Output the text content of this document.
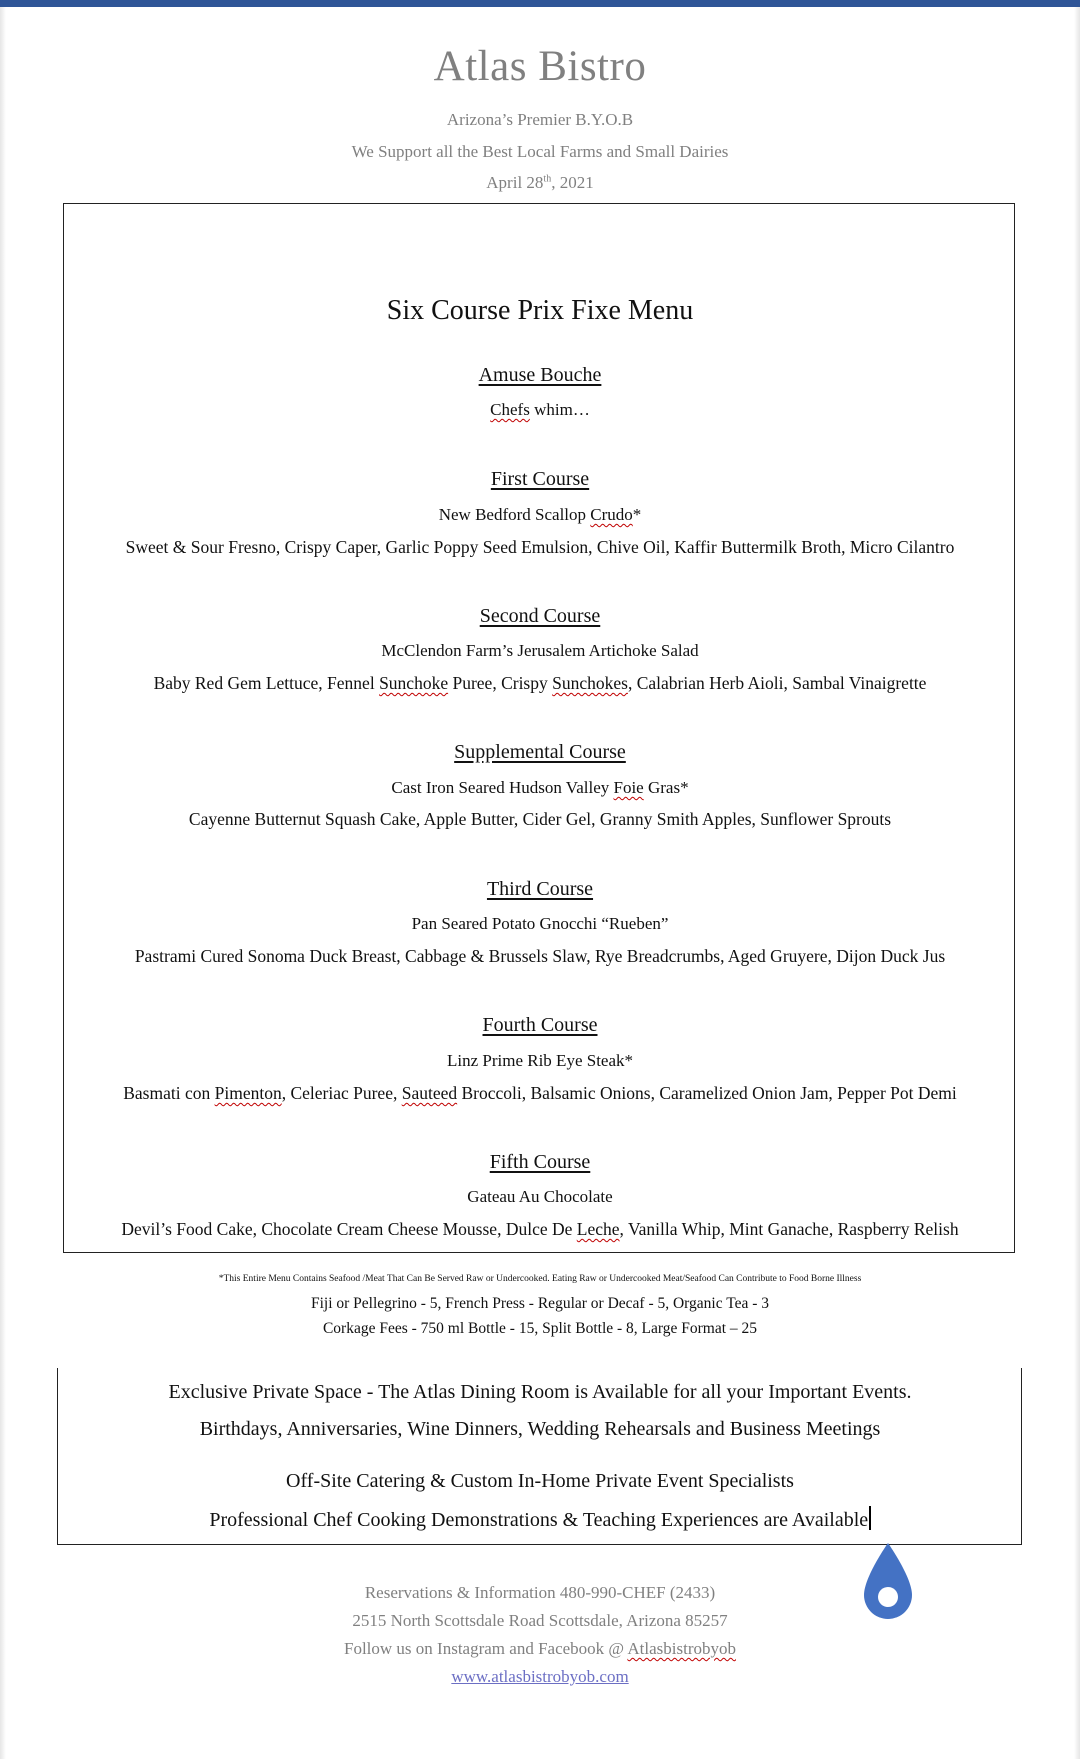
Atlas Bistro
Arizona’s Premier B.Y.O.B
We Support all the Best Local Farms and Small Dairies
April 28th, 2021
Six Course Prix Fixe Menu
Amuse Bouche
Chefs whim…
First Course
New Bedford Scallop Crudo*
Sweet & Sour Fresno, Crispy Caper, Garlic Poppy Seed Emulsion, Chive Oil, Kaffir Buttermilk Broth, Micro Cilantro
Second Course
McClendon Farm’s Jerusalem Artichoke Salad
Baby Red Gem Lettuce, Fennel Sunchoke Puree, Crispy Sunchokes, Calabrian Herb Aioli, Sambal Vinaigrette
Supplemental Course
Cast Iron Seared Hudson Valley Foie Gras*
Cayenne Butternut Squash Cake, Apple Butter, Cider Gel, Granny Smith Apples, Sunflower Sprouts
Third Course
Pan Seared Potato Gnocchi “Rueben”
Pastrami Cured Sonoma Duck Breast, Cabbage & Brussels Slaw, Rye Breadcrumbs, Aged Gruyere, Dijon Duck Jus
Fourth Course
Linz Prime Rib Eye Steak*
Basmati con Pimenton, Celeriac Puree, Sauteed Broccoli, Balsamic Onions, Caramelized Onion Jam, Pepper Pot Demi
Fifth Course
Gateau Au Chocolate
Devil’s Food Cake, Chocolate Cream Cheese Mousse, Dulce De Leche, Vanilla Whip, Mint Ganache, Raspberry Relish
*This Entire Menu Contains Seafood /Meat That Can Be Served Raw or Undercooked. Eating Raw or Undercooked Meat/Seafood Can Contribute to Food Borne Illness
Fiji or Pellegrino - 5, French Press - Regular or Decaf - 5, Organic Tea - 3
Corkage Fees - 750 ml Bottle - 15, Split Bottle - 8, Large Format – 25
Exclusive Private Space - The Atlas Dining Room is Available for all your Important Events.
Birthdays, Anniversaries, Wine Dinners, Wedding Rehearsals and Business Meetings
Off-Site Catering & Custom In-Home Private Event Specialists
Professional Chef Cooking Demonstrations & Teaching Experiences are Available
Reservations & Information 480-990-CHEF (2433)
2515 North Scottsdale Road Scottsdale, Arizona 85257
Follow us on Instagram and Facebook @ Atlasbistrobyob
www.atlasbistrobyob.com
